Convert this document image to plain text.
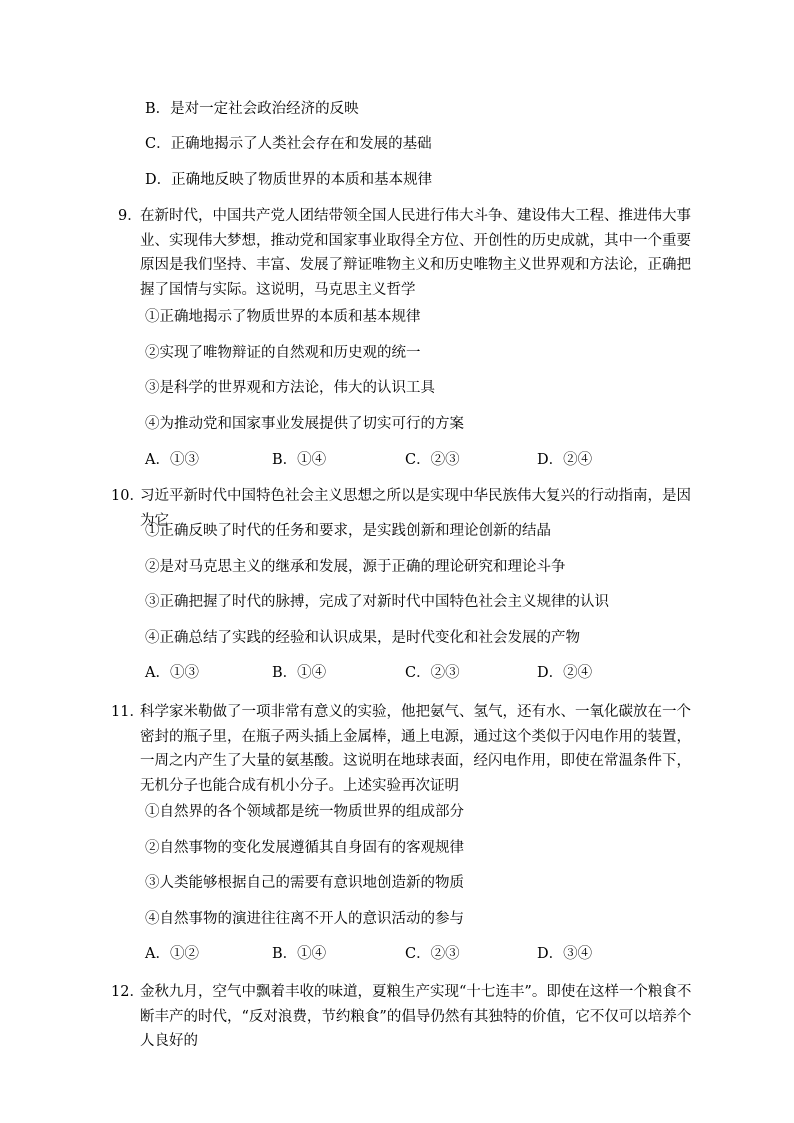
B．是对一定社会政治经济的反映
C．正确地揭示了人类社会存在和发展的基础
D．正确地反映了物质世界的本质和基本规律
9．
在新时代，中国共产党人团结带领全国人民进行伟大斗争、建设伟大工程、推进伟大事业、实现伟大梦想，推动党和国家事业取得全方位、开创性的历史成就，其中一个重要原因是我们坚持、丰富、发展了辩证唯物主义和历史唯物主义世界观和方法论，正确把握了国情与实际。这说明，马克思主义哲学
①正确地揭示了物质世界的本质和基本规律
②实现了唯物辩证的自然观和历史观的统一
③是科学的世界观和方法论，伟大的认识工具
④为推动党和国家事业发展提供了切实可行的方案
A．①③	B．①④	C．②③	D．②④
10．
习近平新时代中国特色社会主义思想之所以是实现中华民族伟大复兴的行动指南，是因为它
①正确反映了时代的任务和要求，是实践创新和理论创新的结晶
②是对马克思主义的继承和发展，源于正确的理论研究和理论斗争
③正确把握了时代的脉搏，完成了对新时代中国特色社会主义规律的认识
④正确总结了实践的经验和认识成果，是时代变化和社会发展的产物
A．①③	B．①④	C．②③	D．②④
11．
科学家米勒做了一项非常有意义的实验，他把氨气、氢气，还有水、一氧化碳放在一个密封的瓶子里，在瓶子两头插上金属棒，通上电源，通过这个类似于闪电作用的装置，一周之内产生了大量的氨基酸。这说明在地球表面，经闪电作用，即使在常温条件下，无机分子也能合成有机小分子。上述实验再次证明
①自然界的各个领域都是统一物质世界的组成部分
②自然事物的变化发展遵循其自身固有的客观规律
③人类能够根据自己的需要有意识地创造新的物质
④自然事物的演进往往离不开人的意识活动的参与
A．①②	B．①④	C．②③	D．③④
12．
金秋九月，空气中飘着丰收的味道，夏粮生产实现“十七连丰”。即使在这样一个粮食不断丰产的时代，“反对浪费，节约粮食”的倡导仍然有其独特的价值，它不仅可以培养个人良好的
